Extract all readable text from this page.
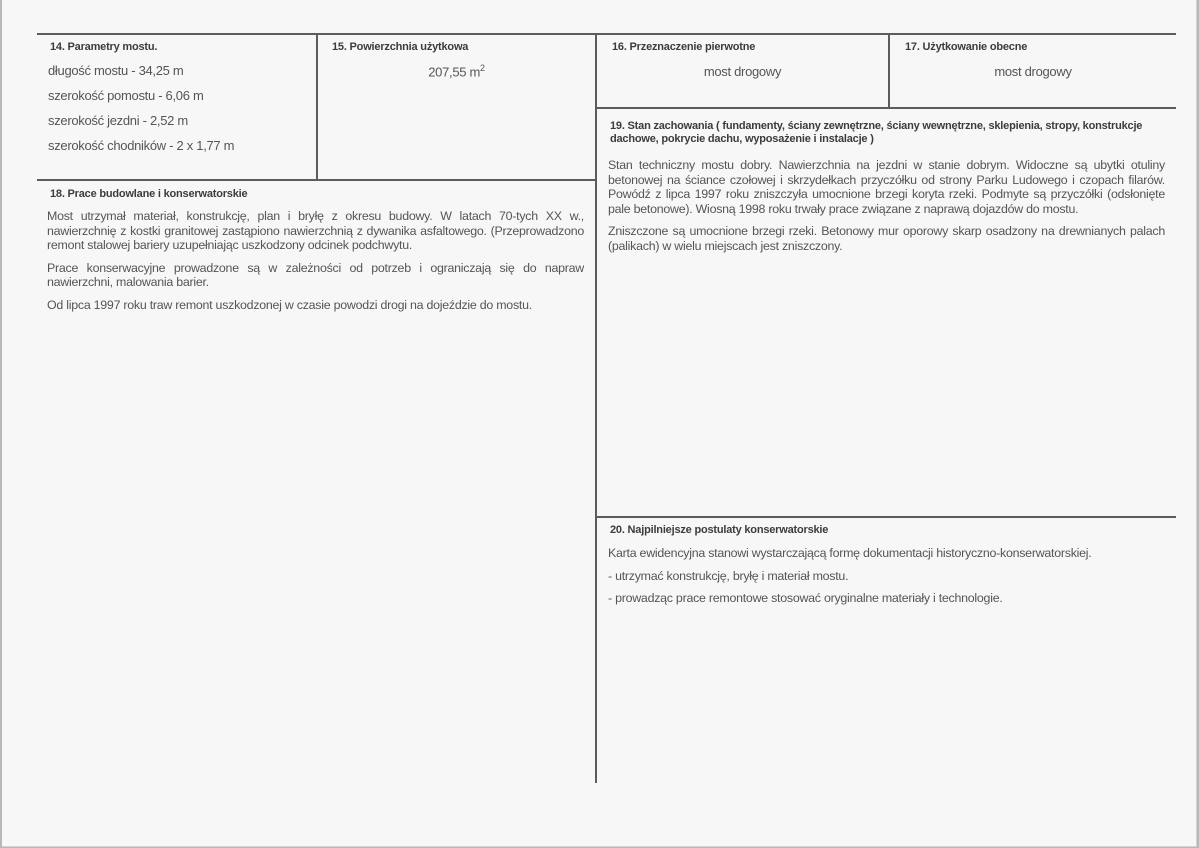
14. Parametry mostu.
długość mostu - 34,25 m
szerokość pomostu - 6,06 m
szerokość jezdni - 2,52 m
szerokość chodników - 2 x 1,77 m
15. Powierzchnia użytkowa
207,55 $m^2$
16. Przeznaczenie pierwotne
most drogowy
17. Użytkowanie obecne
most drogowy
18. Prace budowlane i konserwatorskie

Most utrzymał materiał, konstrukcję, plan i bryłę z okresu budowy. W latach 70-tych XX w., nawierzchnię z kostki granitowej zastąpiono nawierzchnią z dywanika asfaltowego. (Przeprowadzono remont stalowej bariery uzupełniając uszkodzony odcinek podchwytu.

Prace konserwacyjne prowadzone są w zależności od potrzeb i ograniczają się do napraw nawierzchni, malowania barier.

Od lipca 1997 roku traw remont uszkodzonej w czasie powodzi drogi na dojeździe do mostu.

19. Stan zachowania ( fundamenty, ściany zewnętrzne, ściany wewnętrzne, sklepienia, stropy, konstrukcje dachowe, pokrycie dachu, wyposażenie i instalacje )

Stan techniczny mostu dobry. Nawierzchnia na jezdni w stanie dobrym. Widoczne są ubytki otuliny betonowej na ściance czołowej i skrzydełkach przyczółku od strony Parku Ludowego i czopach filarów. Powódź z lipca 1997 roku zniszczyła umocnione brzegi koryta rzeki. Podmyte są przyczółki (odsłonięte pale betonowe). Wiosną 1998 roku trwały prace związane z naprawą dojazdów do mostu.

Zniszczone są umocnione brzegi rzeki. Betonowy mur oporowy skarp osadzony na drewnianych palach (palikach) w wielu miejscach jest zniszczony.

20. Najpilniejsze postulaty konserwatorskie

Karta ewidencyjna stanowi wystarczającą formę dokumentacji historyczno-konserwatorskiej.

- utrzymać konstrukcję, bryłę i materiał mostu.

- prowadząc prace remontowe stosować oryginalne materiały i technologie.
